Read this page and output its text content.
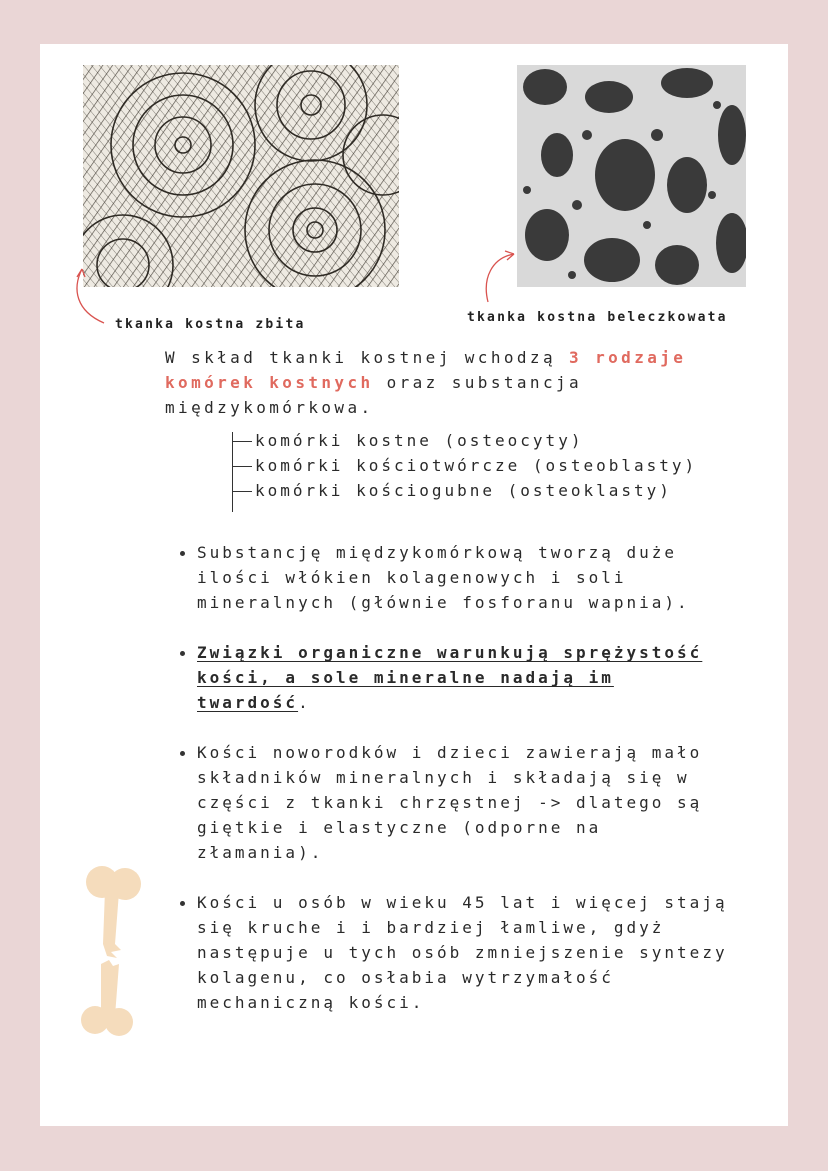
tkanka kostna zbita	tkanka kostna beleczkowata
W skład tkanki kostnej wchodzą 3 rodzaje komórek kostnych oraz substancja międzykomórkowa.
komórki kostne (osteocyty)
komórki kościotwórcze (osteoblasty)
komórki kościogubne (osteoklasty)
Substancję międzykomórkową tworzą duże ilości włókien kolagenowych i soli mineralnych (głównie fosforanu wapnia).
Związki organiczne warunkują sprężystość kości, a sole mineralne nadają im twardość.
Kości noworodków i dzieci zawierają mało składników mineralnych i składają się w części z tkanki chrzęstnej -> dlatego są giętkie i elastyczne (odporne na złamania).
Kości u osób w wieku 45 lat i więcej stają się kruche i i bardziej łamliwe, gdyż następuje u tych osób zmniejszenie syntezy kolagenu, co osłabia wytrzymałość mechaniczną kości.
